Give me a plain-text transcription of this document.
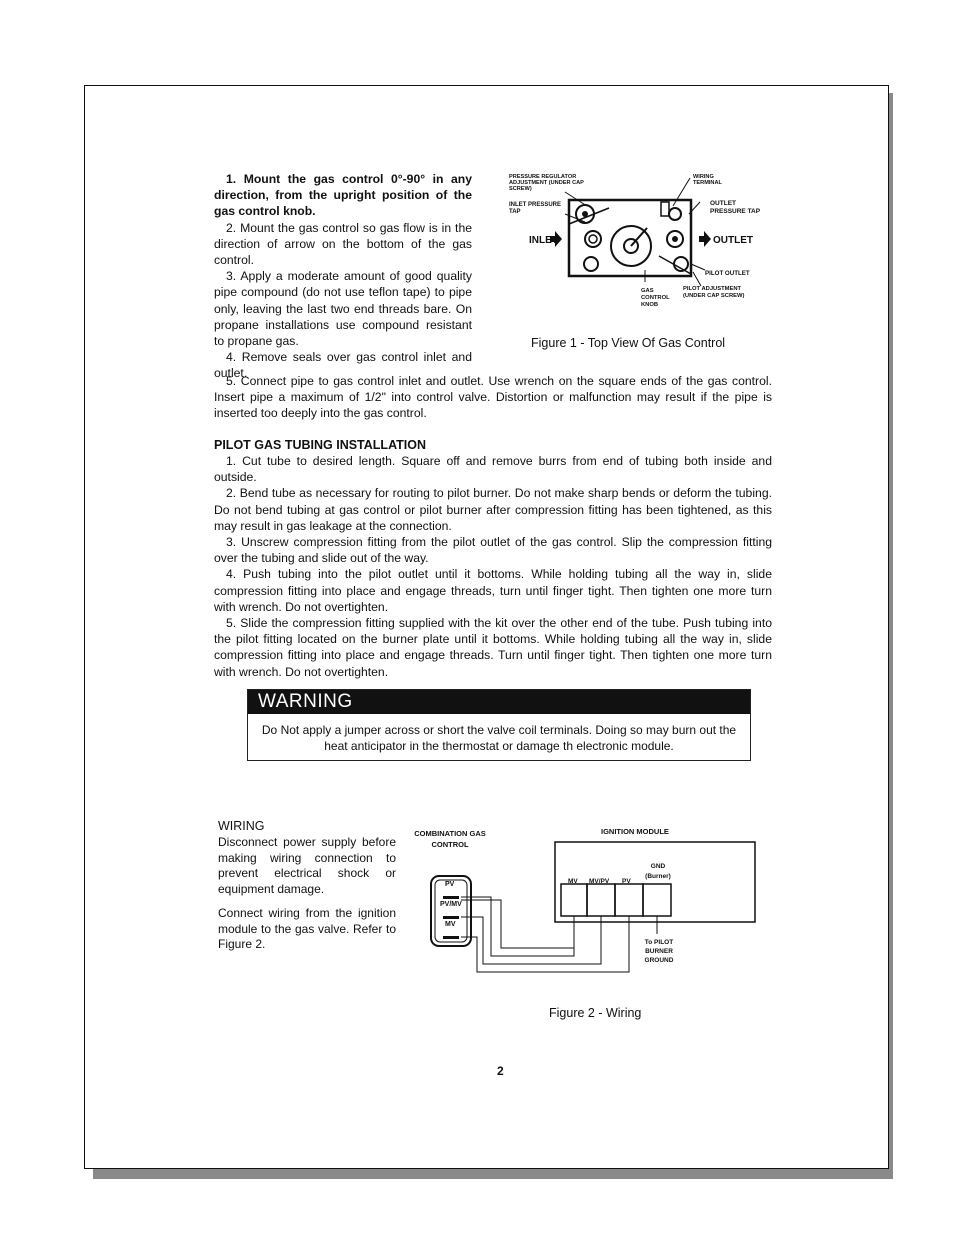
1. Mount the gas control 0°-90° in any direction, from the upright position of the gas control knob.

2. Mount the gas control so gas flow is in the direction of arrow on the bottom of the gas control.

3. Apply a moderate amount of good quality pipe compound (do not use teflon tape) to pipe only, leaving the last two end threads bare. On propane installations use compound resistant to propane gas.

4. Remove seals over gas control inlet and outlet.

5. Connect pipe to gas control inlet and outlet. Use wrench on the square ends of the gas control. Insert pipe a maximum of 1/2" into control valve. Distortion or malfunction may result if the pipe is inserted too deeply into the gas control.

PRESSURE REGULATOR ADJUSTMENT (UNDER CAP SCREW)
WIRING TERMINAL
INLET PRESSURE TAP
OUTLET PRESSURE TAP
INLET	OUTLET
PILOT OUTLET
GAS CONTROL KNOB
PILOT ADJUSTMENT (UNDER CAP SCREW)
Figure 1 - Top View Of Gas Control
PILOT GAS TUBING INSTALLATION

1. Cut tube to desired length. Square off and remove burrs from end of tubing both inside and outside.

2. Bend tube as necessary for routing to pilot burner. Do not make sharp bends or deform the tubing. Do not bend tubing at gas control or pilot burner after compression fitting has been tightened, as this may result in gas leakage at the connection.

3. Unscrew compression fitting from the pilot outlet of the gas control. Slip the compression fitting over the tubing and slide out of the way.

4. Push tubing into the pilot outlet until it bottoms. While holding tubing all the way in, slide compression fitting into place and engage threads, turn until finger tight. Then tighten one more turn with wrench. Do not overtighten.

5. Slide the compression fitting supplied with the kit over the other end of the tube. Push tubing into the pilot fitting located on the burner plate until it bottoms. While holding tubing all the way in, slide compression fitting into place and engage threads. Turn until finger tight. Then tighten one more turn with wrench. Do not overtighten.

WARNING
Do Not apply a jumper across or short the valve coil terminals. Doing so may burn out the heat anticipator in the thermostat or damage th electronic module.
WIRING

Disconnect power supply before making wiring connection to prevent electrical shock or equipment damage.

Connect wiring from the ignition module to the gas valve. Refer to Figure 2.

COMBINATION GAS CONTROL
IGNITION MODULE
PV
PV/MV
MV
MV MV/PV PV
GND (Burner)
To PILOT BURNER GROUND
Figure 2 - Wiring
2
